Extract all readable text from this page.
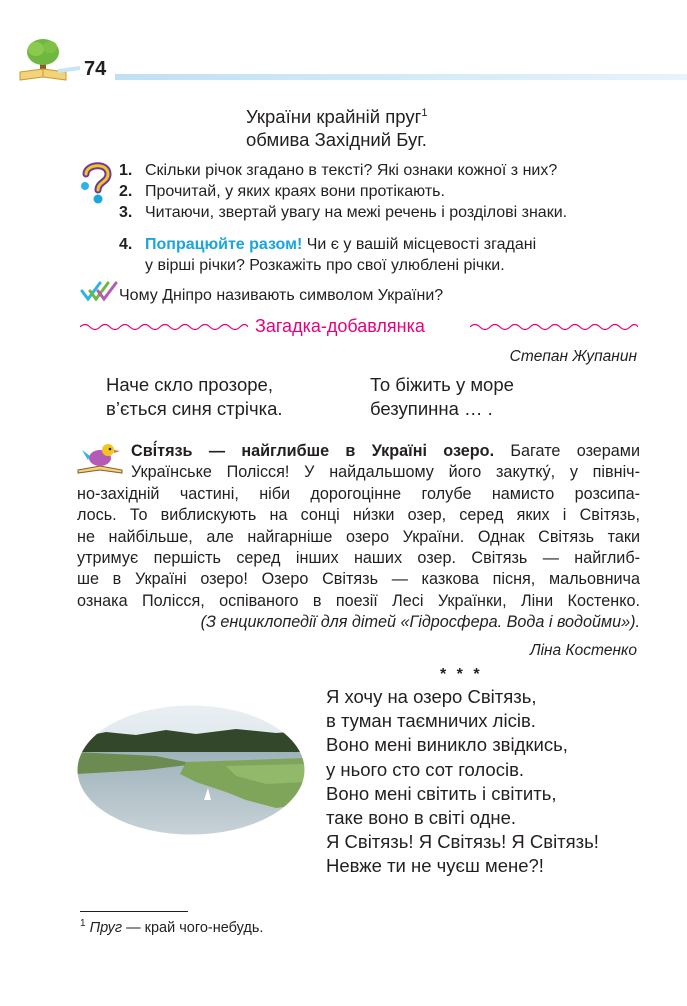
74
України крайній пруг$^1$
обмива Західний Буг.
1. Скільки річок згадано в тексті? Які ознаки кожної з них?
2. Прочитай, у яких краях вони протікають.
3. Читаючи, звертай увагу на межі речень і розділові знаки.
4. Попрацюйте разом! Чи є у вашій місцевості згадані
у вірші річки? Розкажіть про свої улюблені річки.
Чому Дніпро називають символом України?
Загадка-добавлянка
Степан Жупанин
Наче скло прозоре,
в’ється синя стрічка.
То біжить у море
безупинна … .
Сві́тязь — найглибше в Україні озеро. Багате озерами
Українське Полісся! У найдальшому його закутку́, у північ-
но-західній частині, ніби дорогоцінне голубе намисто розсипа-
лось. То виблискують на сонці ни́зки озер, серед яких і Світязь,
не найбільше, але найгарніше озеро України. Однак Світязь таки
утримує першість серед інших наших озер. Світязь — найглиб-
ше в Україні озеро! Озеро Світязь — казкова пісня, мальовнича
ознака Полісся, оспіваного в поезії Лесі Українки, Ліни Костенко.
(З енциклопедії для дітей «Гідросфера. Вода і водойми»).
Ліна Костенко
* * *
Я хочу на озеро Світязь,
в туман таємничих лісів.
Воно мені виникло звідкись,
у нього сто сот голосів.
Воно мені світить і світить,
таке воно в світі одне.
Я Світязь! Я Світязь! Я Світязь!
Невже ти не чуєш мене?!
$^1$ Пруг — край чого-небудь.
